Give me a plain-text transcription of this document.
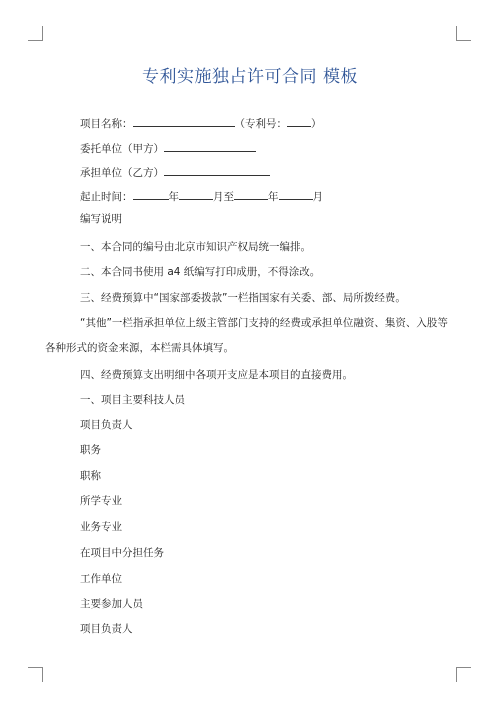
专利实施独占许可合同 模板
项目名称：	（专利号： ）
委托单位（甲方）
承担单位（乙方）
起止时间：	年	月至	年	月
编写说明
一、本合同的编号由北京市知识产权局统一编排。
二、本合同书使用 a4 纸编写打印成册，不得涂改。
三、经费预算中“国家部委拨款”一栏指国家有关委、部、局所拨经费。
“其他”一栏指承担单位上级主管部门支持的经费或承担单位融资、集资、入股等
各种形式的资金来源，本栏需具体填写。
四、经费预算支出明细中各项开支应是本项目的直接费用。
一、项目主要科技人员
项目负责人
职务
职称
所学专业
业务专业
在项目中分担任务
工作单位
主要参加人员
项目负责人
